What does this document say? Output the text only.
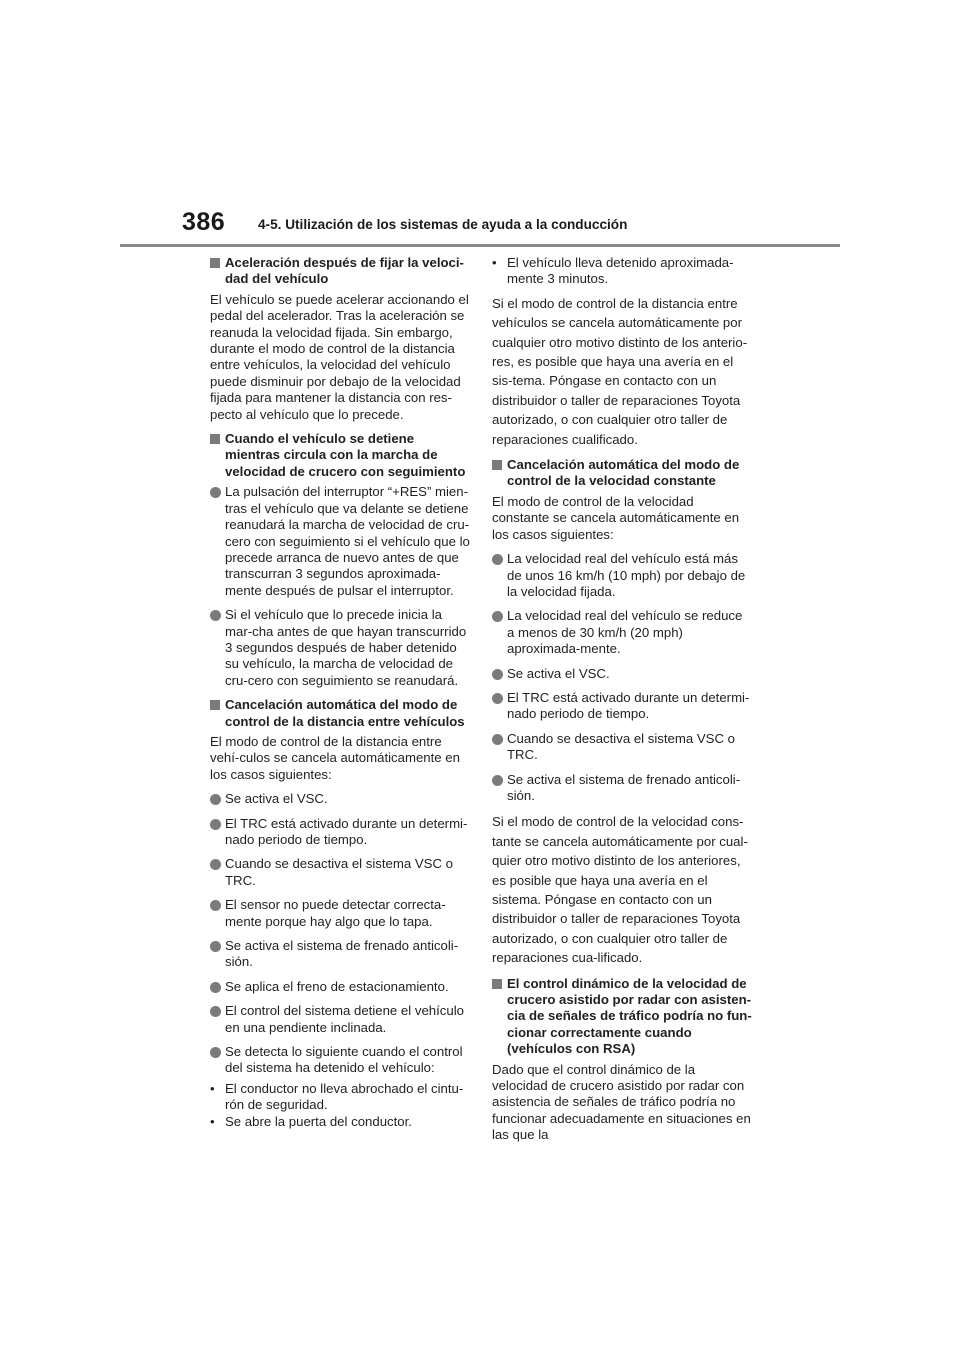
386 4-5. Utilización de los sistemas de ayuda a la conducción
Aceleración después de fijar la veloci-dad del vehículo

El vehículo se puede acelerar accionando el pedal del acelerador. Tras la aceleración se reanuda la velocidad fijada. Sin embargo, durante el modo de control de la distancia entre vehículos, la velocidad del vehículo puede disminuir por debajo de la velocidad fijada para mantener la distancia con res-pecto al vehículo que lo precede.

Cuando el vehículo se detiene mientras circula con la marcha de velocidad de crucero con seguimiento
La pulsación del interruptor “+RES” mien-tras el vehículo que va delante se detiene reanudará la marcha de velocidad de cru-cero con seguimiento si el vehículo que lo precede arranca de nuevo antes de que transcurran 3 segundos aproximada-mente después de pulsar el interruptor.
Si el vehículo que lo precede inicia la mar-cha antes de que hayan transcurrido 3 segundos después de haber detenido su vehículo, la marcha de velocidad de cru-cero con seguimiento se reanudará.
Cancelación automática del modo de control de la distancia entre vehículos

El modo de control de la distancia entre vehí-culos se cancela automáticamente en los casos siguientes:

Se activa el VSC.
El TRC está activado durante un determi-nado periodo de tiempo.
Cuando se desactiva el sistema VSC o TRC.
El sensor no puede detectar correcta-mente porque hay algo que lo tapa.
Se activa el sistema de frenado anticoli-sión.
Se aplica el freno de estacionamiento.
El control del sistema detiene el vehículo en una pendiente inclinada.
Se detecta lo siguiente cuando el control del sistema ha detenido el vehículo:
• El conductor no lleva abrochado el cintu-rón de seguridad.
• Se abre la puerta del conductor.
• El vehículo lleva detenido aproximada-mente 3 minutos.

Si el modo de control de la distancia entre vehículos se cancela automáticamente por cualquier otro motivo distinto de los anterio-res, es posible que haya una avería en el sis-tema. Póngase en contacto con un distribuidor o taller de reparaciones Toyota autorizado, o con cualquier otro taller de reparaciones cualificado.

Cancelación automática del modo de control de la velocidad constante

El modo de control de la velocidad constante se cancela automáticamente en los casos siguientes:

La velocidad real del vehículo está más de unos 16 km/h (10 mph) por debajo de la velocidad fijada.
La velocidad real del vehículo se reduce a menos de 30 km/h (20 mph) aproximada-mente.
Se activa el VSC.
El TRC está activado durante un determi-nado periodo de tiempo.
Cuando se desactiva el sistema VSC o TRC.
Se activa el sistema de frenado anticoli-sión.

Si el modo de control de la velocidad cons-tante se cancela automáticamente por cual-quier otro motivo distinto de los anteriores, es posible que haya una avería en el sistema. Póngase en contacto con un distribuidor o taller de reparaciones Toyota autorizado, o con cualquier otro taller de reparaciones cua-lificado.

El control dinámico de la velocidad de crucero asistido por radar con asisten-cia de señales de tráfico podría no fun-cionar correctamente cuando (vehículos con RSA)

Dado que el control dinámico de la velocidad de crucero asistido por radar con asistencia de señales de tráfico podría no funcionar adecuadamente en situaciones en las que la
